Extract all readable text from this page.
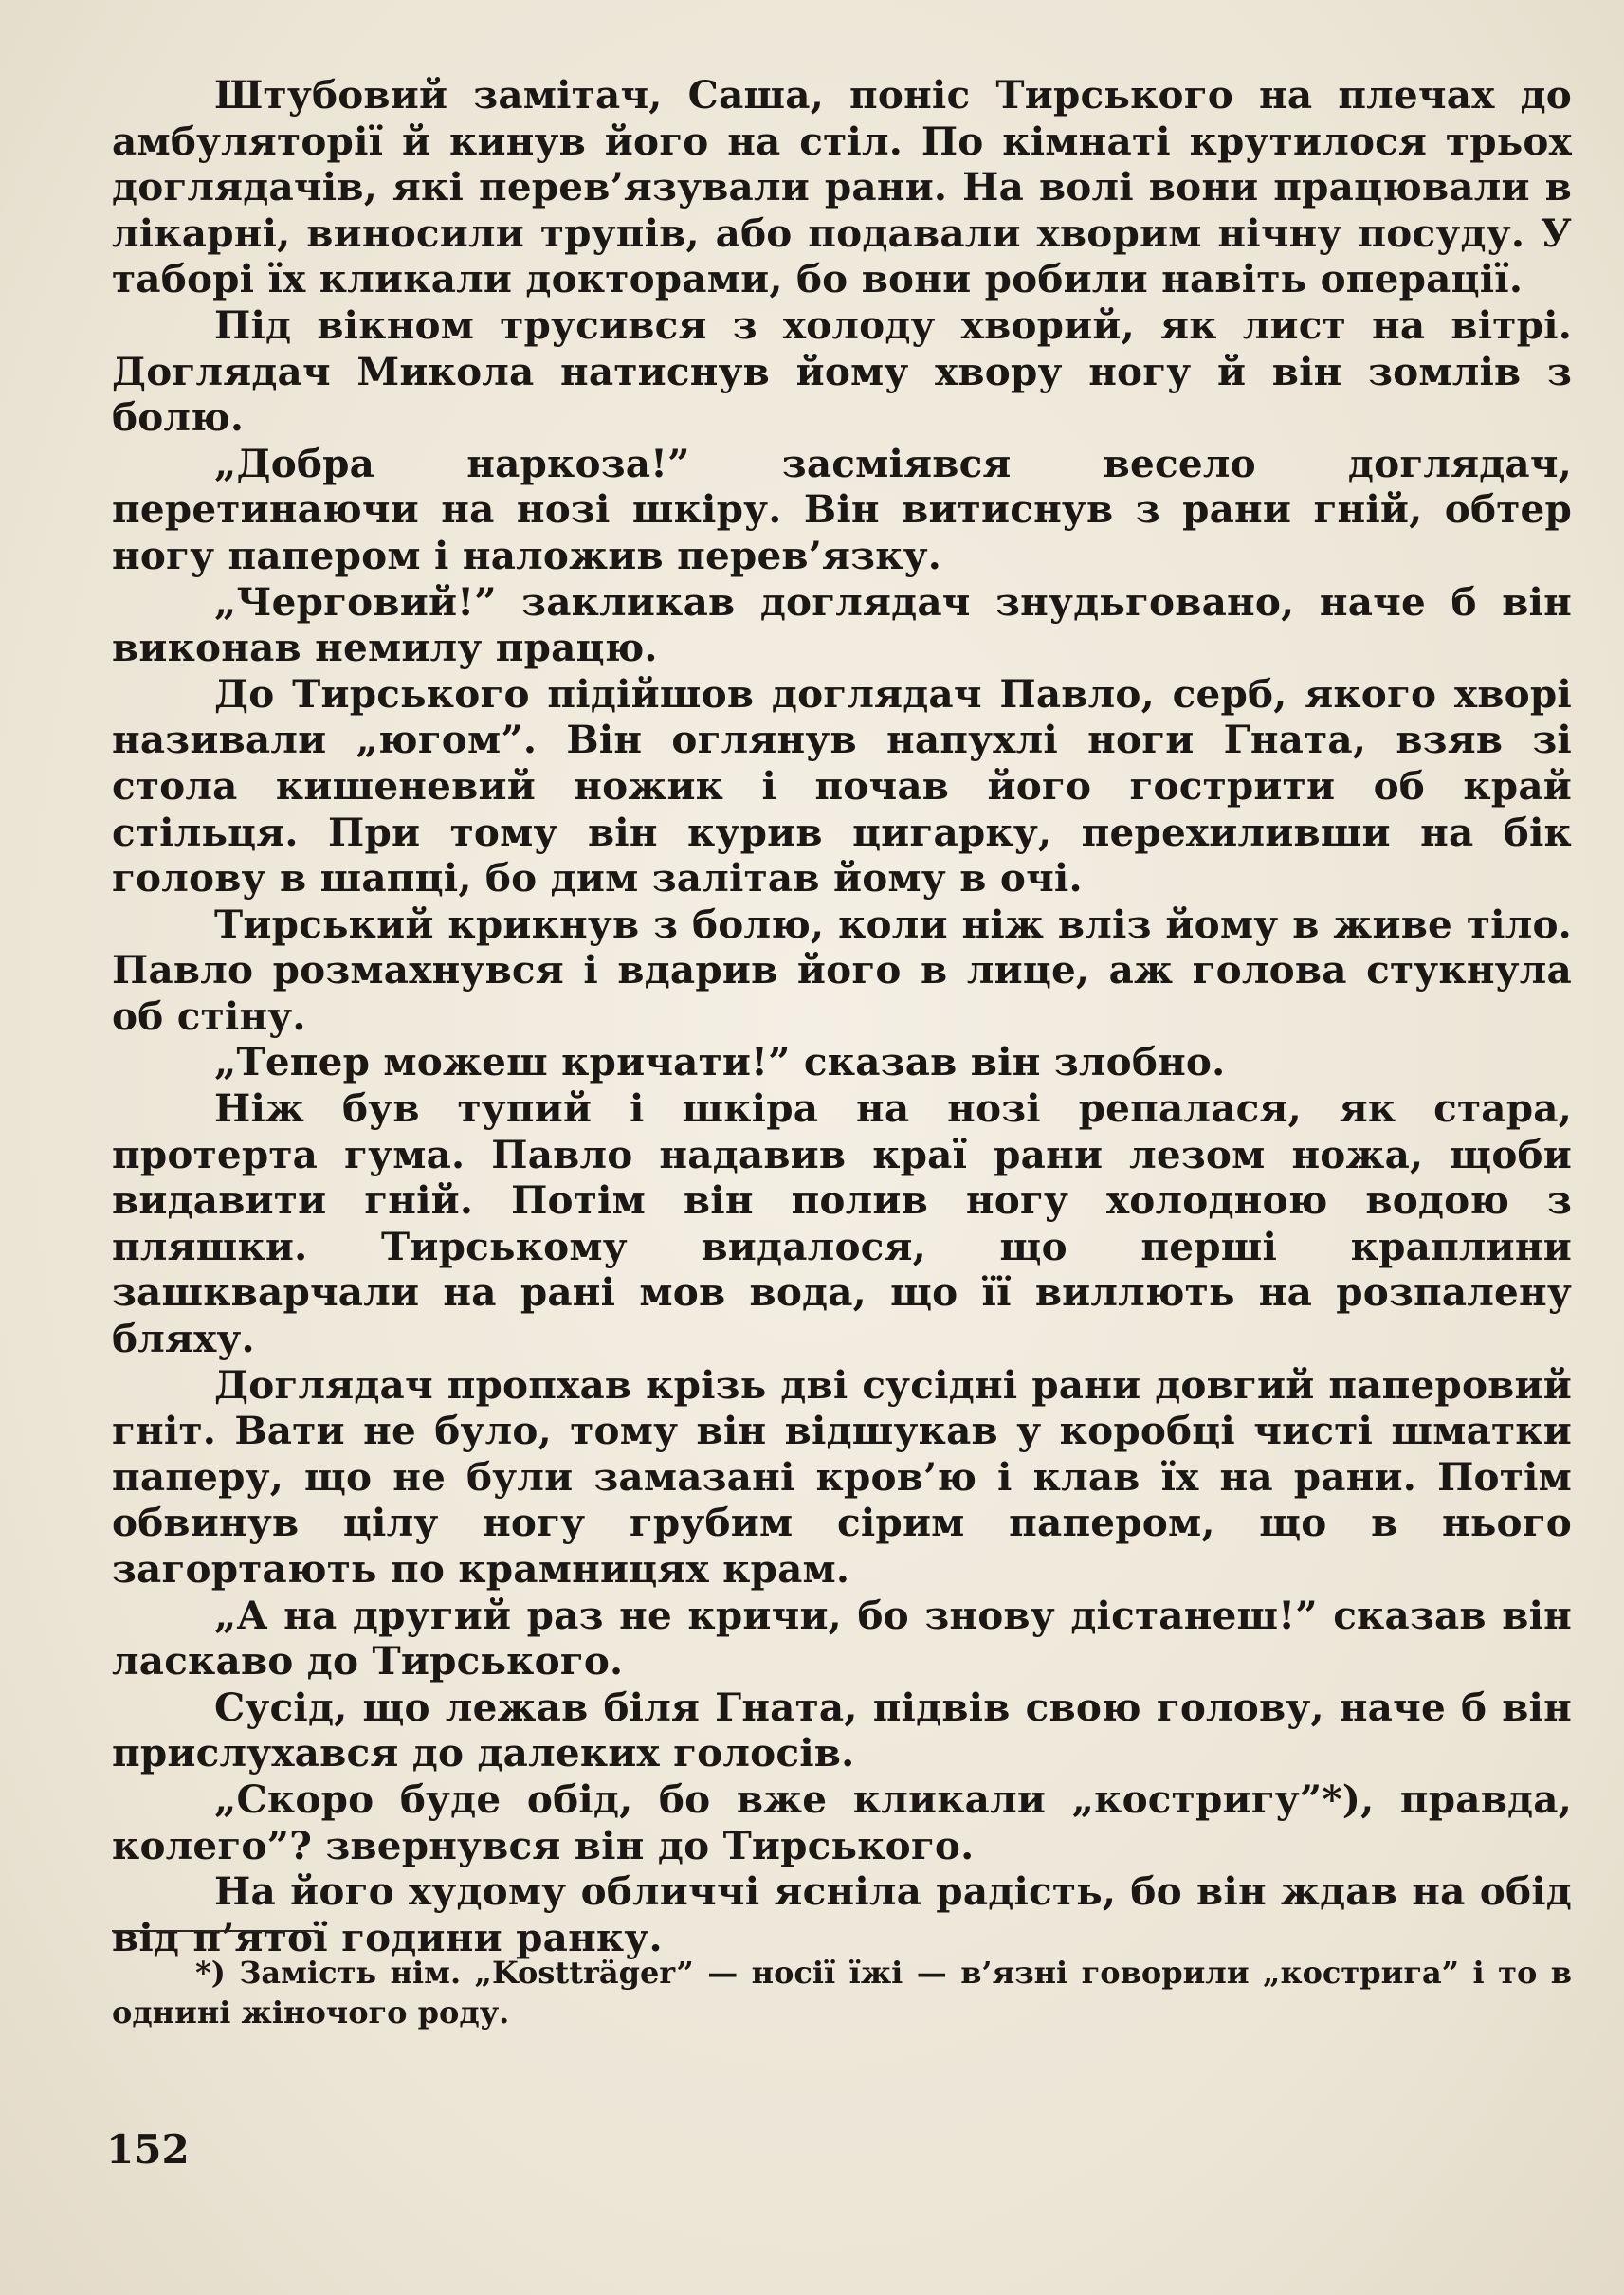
Штубовий замітач, Саша, поніс Тирського на плечах до амбуляторії й кинув його на стіл. По кімнаті крутилося трьох доглядачів, які перев’язували рани. На волі вони працювали в лікарні, виносили трупів, або подавали хворим нічну посуду. У таборі їх кликали докторами, бо вони робили навіть операції.

Під вікном трусився з холоду хворий, як лист на вітрі. Доглядач Микола натиснув йому хвору ногу й він зомлів з болю.

„Добра наркоза!” засміявся весело доглядач, перетинаючи на нозі шкіру. Він витиснув з рани гній, обтер ногу папером і наложив перев’язку.

„Черговий!” закликав доглядач знудьговано, наче б він виконав немилу працю.

До Тирського підійшов доглядач Павло, серб, якого хворі називали „югом”. Він оглянув напухлі ноги Гната, взяв зі стола кишеневий ножик і почав його гострити об край стільця. При тому він курив цигарку, перехиливши на бік голову в шапці, бо дим залітав йому в очі.

Тирський крикнув з болю, коли ніж вліз йому в живе тіло. Павло розмахнувся і вдарив його в лице, аж голова стукнула об стіну.

„Тепер можеш кричати!” сказав він злобно.

Ніж був тупий і шкіра на нозі репалася, як стара, протерта гума. Павло надавив краї рани лезом ножа, щоби видавити гній. Потім він полив ногу холодною водою з пляшки. Тирському видалося, що перші краплини зашкварчали на рані мов вода, що її виллють на розпалену бляху.

Доглядач пропхав крізь дві сусідні рани довгий паперовий гніт. Вати не було, тому він відшукав у коробці чисті шматки паперу, що не були замазані кров’ю і клав їх на рани. Потім обвинув цілу ногу грубим сірим папером, що в нього загортають по крамницях крам.

„А на другий раз не кричи, бо знову дістанеш!” сказав він ласкаво до Тирського.

Сусід, що лежав біля Гната, підвів свою голову, наче б він прислухався до далеких голосів.

„Скоро буде обід, бо вже кликали „костригу”*), правда, колего”? звернувся він до Тирського.

На його худому обличчі ясніла радість, бо він ждав на обід від п’ятої години ранку.

*) Замість нім. „Kostträger” — носії їжі — в’язні говорили „кострига” і то в однині жіночого роду.

152
